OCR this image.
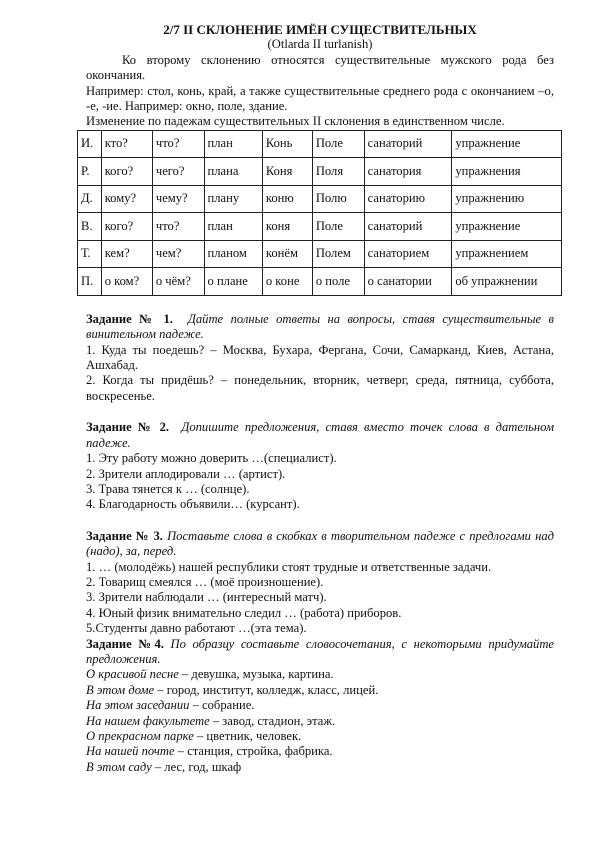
2/7 II СКЛОНЕНИЕ ИМЁН СУЩЕСТВИТЕЛЬНЫХ

(Otlarda II turlanish)

Ко второму склонению относятся существительные мужского рода без окончания.

Например: стол, конь, край, а также существительные среднего рода с окончанием –о, -е, -ие. Например: окно, поле, здание.

Изменение по падежам существительных II склонения в единственном числе.

И.	кто?	что?	план	Конь	Поле	санаторий	упражнение
Р.	кого?	чего?	плана	Коня	Поля	санатория	упражнения
Д.	кому?	чему?	плану	коню	Полю	санаторию	упражнению
В.	кого?	что?	план	коня	Поле	санаторий	упражнение
Т.	кем?	чем?	планом	конём	Полем	санаторием	упражнением
П.	о ком?	о чём?	о плане	о коне	о поле	о санатории	об упражнении

Задание № 1. Дайте полные ответы на вопросы, ставя существительные в винительном падеже.

1. Куда ты поедешь? – Москва, Бухара, Фергана, Сочи, Самарканд, Киев, Астана, Ашхабад.

2. Когда ты придёшь? – понедельник, вторник, четверг, среда, пятница, суббота, воскресенье.

Задание № 2. Допишите предложения, ставя вместо точек слова в дательном падеже.

1. Эту работу можно доверить …(специалист).

2. Зрители аплодировали … (артист).

3. Трава тянется к … (солнце).

4. Благодарность объявили… (курсант).

Задание № 3. Поставьте слова в скобках в творительном падеже с предлогами над (надо), за, перед.

1. … (молодёжь) нашей республики стоят трудные и ответственные задачи.

2. Товарищ смеялся … (моё произношение).

3. Зрители наблюдали … (интересный матч).

4. Юный физик внимательно следил … (работа) приборов.

5.Студенты давно работают …(эта тема).

Задание №4. По образцу составьте словосочетания, с некоторыми придумайте предложения.

О красивой песне – девушка, музыка, картина.

В этом доме – город, институт, колледж, класс, лицей.

На этом заседании – собрание.

На нашем факультете – завод, стадион, этаж.

О прекрасном парке – цветник, человек.

На нашей почте – станция, стройка, фабрика.

В этом саду – лес, год, шкаф
